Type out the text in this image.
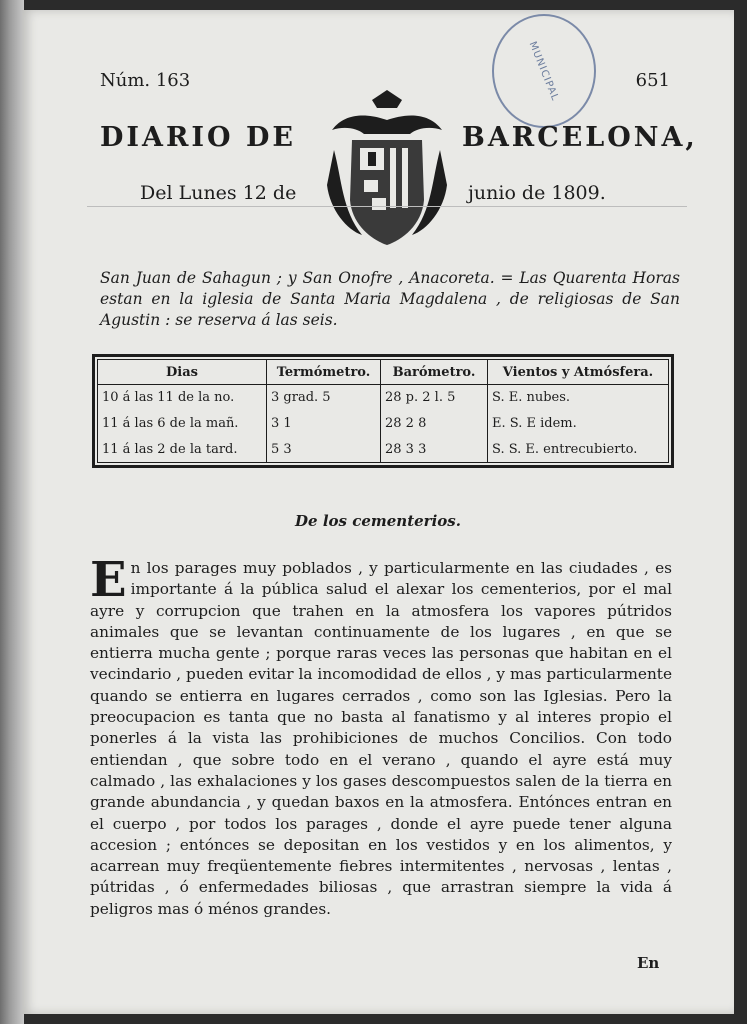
Núm. 163	651
MUNICIPAL
DIARIO DE	BARCELONA,
Del Lunes 12 de	junio de 1809.
San Juan de Sahagun ; y San Onofre , Anacoreta. = Las Quarenta Horas estan en la iglesia de Santa Maria Magdalena , de religiosas de San Agustin : se reserva á las seis.
Dias	Termómetro.	Barómetro.	Vientos y Atmósfera.
10 á las 11 de la no.	3 grad. 5	28 p. 2 l. 5	S. E. nubes.
11 á las 6 de la mañ.	3 1	28 2 8	E. S. E idem.
11 á las 2 de la tard.	5 3	28 3 3	S. S. E. entrecubierto.
De los cementerios.
E n los parages muy poblados , y particularmente en las ciudades , es importante á la pública salud el alexar los cementerios, por el mal ayre y corrupcion que trahen en la atmosfera los vapores pútridos animales que se levantan continuamente de los lugares , en que se entierra mucha gente ; porque raras veces las personas que habitan en el vecindario , pueden evitar la incomodidad de ellos , y mas particularmente quando se entierra en lugares cerrados , como son las Iglesias. Pero la preocupacion es tanta que no basta al fanatismo y al interes propio el ponerles á la vista las prohibiciones de muchos Concilios. Con todo entiendan , que sobre todo en el verano , quando el ayre está muy calmado , las exhalaciones y los gases descompuestos salen de la tierra en grande abundancia , y quedan baxos en la atmosfera. Entónces entran en el cuerpo , por todos los parages , donde el ayre puede tener alguna accesion ; entónces se depositan en los vestidos y en los alimentos, y acarrean muy freqüentemente fiebres intermitentes , nervosas , lentas , pútridas , ó enfermedades biliosas , que arrastran siempre la vida á peligros mas ó ménos grandes.
En
